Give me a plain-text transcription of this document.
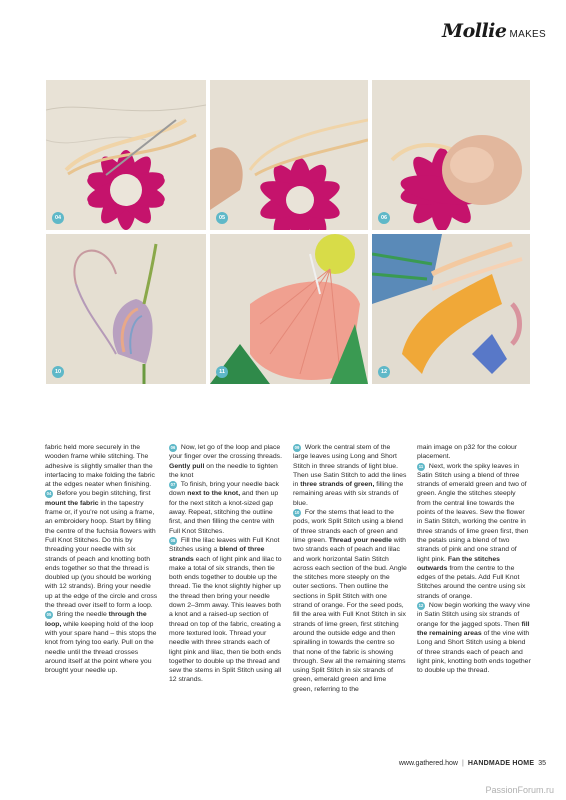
Mollie MAKES
04	05	06
10	11	12

fabric held more securely in the wooden frame while stitching. The adhesive is slightly smaller than the interfacing to make folding the fabric at the edges neater when finishing.

04 Before you begin stitching, first mount the fabric in the tapestry frame or, if you're not using a frame, an embroidery hoop. Start by filling the centre of the fuchsia flowers with Full Knot Stitches. Do this by threading your needle with six strands of peach and knotting both ends together so that the thread is doubled up (you should be working with 12 strands). Bring your needle up at the edge of the circle and cross the thread over itself to form a loop.

05 Bring the needle through the loop, while keeping hold of the loop with your spare hand – this stops the knot from tying too early. Pull on the needle until the thread crosses around itself at the point where you brought your needle up.

06 Now, let go of the loop and place your finger over the crossing threads. Gently pull on the needle to tighten the knot

07 To finish, bring your needle back down next to the knot, and then up for the next stitch a knot-sized gap away. Repeat, stitching the outline first, and then filling the centre with Full Knot Stitches.

08 Fill the lilac leaves with Full Knot Stitches using a blend of three strands each of light pink and lilac to make a total of six strands, then tie both ends together to double up the thread. Tie the knot slightly higher up the thread then bring your needle down 2–3mm away. This leaves both a knot and a raised-up section of thread on top of the fabric, creating a more textured look. Thread your needle with three strands each of light pink and lilac, then tie both ends together to double up the thread and sew the stems in Split Stitch using all 12 strands.

09 Work the central stem of the large leaves using Long and Short Stitch in three strands of light blue. Then use Satin Stitch to add the lines in three strands of green, filling the remaining areas with six strands of blue.

10 For the stems that lead to the pods, work Split Stitch using a blend of three strands each of green and lime green. Thread your needle with two strands each of peach and lilac and work horizontal Satin Stitch across each section of the bud. Angle the stitches more steeply on the outer sections. Then outline the sections in Split Stitch with one strand of orange. For the seed pods, fill the area with Full Knot Stitch in six strands of lime green, first stitching around the outside edge and then spiralling in towards the centre so that none of the fabric is showing through. Sew all the remaining stems using Split Stitch in six strands of green, emerald green and lime green, referring to the

main image on p32 for the colour placement.

11 Next, work the spiky leaves in Satin Stitch using a blend of three strands of emerald green and two of green. Angle the stitches steeply from the central line towards the points of the leaves. Sew the flower in Satin Stitch, working the centre in three strands of lime green first, then the petals using a blend of two strands of pink and one strand of light pink. Fan the stitches outwards from the centre to the edges of the petals. Add Full Knot Stitches around the centre using six strands of orange.

12 Now begin working the wavy vine in Satin Stitch using six strands of orange for the jagged spots. Then fill the remaining areas of the vine with Long and Short Stitch using a blend of three strands each of peach and light pink, knotting both ends together to double up the thread.

www.gathered.how | HANDMADE HOME 35
PassionForum.ru
